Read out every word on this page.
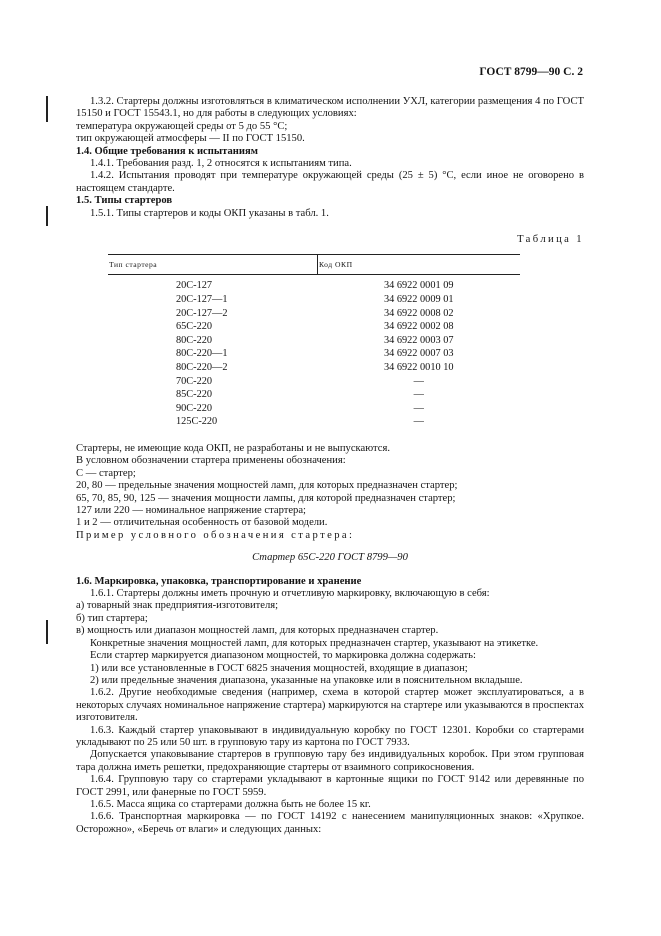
ГОСТ 8799—90 С. 2

1.3.2. Стартеры должны изготовляться в климатическом исполнении УХЛ, категории размещения 4 по ГОСТ 15150 и ГОСТ 15543.1, но для работы в следующих условиях:

температура окружающей среды от 5 до 55 °С;

тип окружающей атмосферы — II по ГОСТ 15150.

1.4. Общие требования к испытаниям

1.4.1. Требования разд. 1, 2 относятся к испытаниям типа.

1.4.2. Испытания проводят при температуре окружающей среды (25 ± 5) °С, если иное не оговорено в настоящем стандарте.

1.5. Типы стартеров

1.5.1. Типы стартеров и коды ОКП указаны в табл. 1.

Таблица 1

Тип стартера	Код ОКП
20С-127	34 6922 0001 09
20С-127—1	34 6922 0009 01
20С-127—2	34 6922 0008 02
65С-220	34 6922 0002 08
80С-220	34 6922 0003 07
80С-220—1	34 6922 0007 03
80С-220—2	34 6922 0010 10
70С-220	—
85С-220	—
90С-220	—
125С-220	—

Стартеры, не имеющие кода ОКП, не разработаны и не выпускаются.

В условном обозначении стартера применены обозначения:

С — стартер;

20, 80 — предельные значения мощностей ламп, для которых предназначен стартер;

65, 70, 85, 90, 125 — значения мощности лампы, для которой предназначен стартер;

127 или 220 — номинальное напряжение стартера;

1 и 2 — отличительная особенность от базовой модели.

Пример условного обозначения стартера:

Стартер 65С-220 ГОСТ 8799—90

1.6. Маркировка, упаковка, транспортирование и хранение

1.6.1. Стартеры должны иметь прочную и отчетливую маркировку, включающую в себя:

а) товарный знак предприятия-изготовителя;

б) тип стартера;

в) мощность или диапазон мощностей ламп, для которых предназначен стартер.

Конкретные значения мощностей ламп, для которых предназначен стартер, указывают на этикетке.

Если стартер маркируется диапазоном мощностей, то маркировка должна содержать:

1) или все установленные в ГОСТ 6825 значения мощностей, входящие в диапазон;

2) или предельные значения диапазона, указанные на упаковке или в пояснительном вкладыше.

1.6.2. Другие необходимые сведения (например, схема в которой стартер может эксплуатироваться, а в некоторых случаях номинальное напряжение стартера) маркируются на стартере или указываются в проспектах изготовителя.

1.6.3. Каждый стартер упаковывают в индивидуальную коробку по ГОСТ 12301. Коробки со стартерами укладывают по 25 или 50 шт. в групповую тару из картона по ГОСТ 7933.

Допускается упаковывание стартеров в групповую тару без индивидуальных коробок. При этом групповая тара должна иметь решетки, предохраняющие стартеры от взаимного соприкосновения.

1.6.4. Групповую тару со стартерами укладывают в картонные ящики по ГОСТ 9142 или деревянные по ГОСТ 2991, или фанерные по ГОСТ 5959.

1.6.5. Масса ящика со стартерами должна быть не более 15 кг.

1.6.6. Транспортная маркировка — по ГОСТ 14192 с нанесением манипуляционных знаков: «Хрупкое. Осторожно», «Беречь от влаги» и следующих данных:
